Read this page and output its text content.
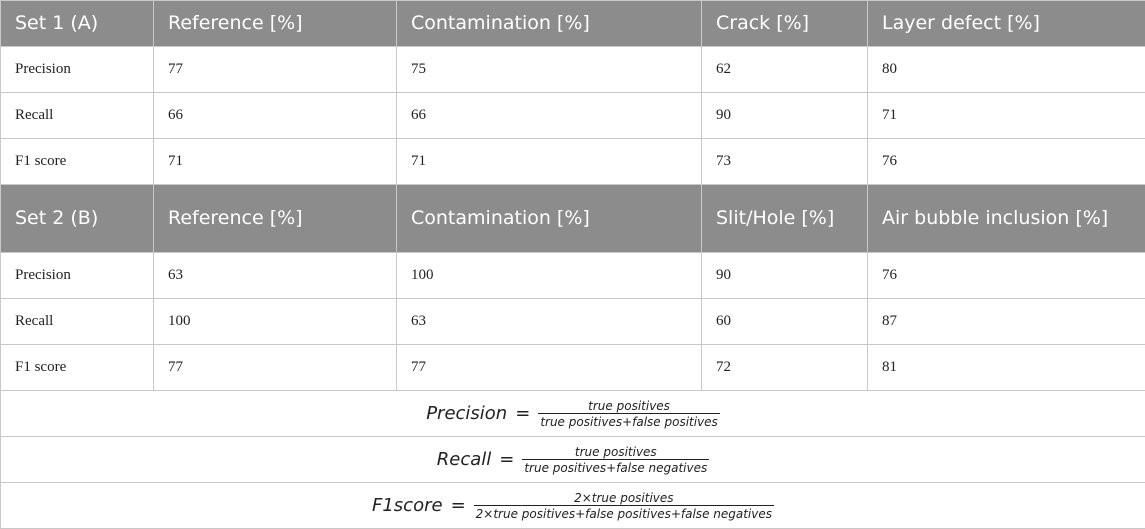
Set 1 (A)	Reference [%]	Contamination [%]	Crack [%]	Layer defect [%]
Precision	77	75	62	80
Recall	66	66	90	71
F1 score	71	71	73	76
Set 2 (B)	Reference [%]	Contamination [%]	Slit/Hole [%]	Air bubble inclusion [%]
Precision	63	100	90	76
Recall	100	63	60	87
F1 score	77	77	72	81

Precision = $\frac{\text{true positives}}{\text{true positives+false positives}}$

Recall = $\frac{\text{true positives}}{\text{true positives+false negatives}}$

F1score = $\frac{\text{2×true positives}}{\text{2×true positives+false positives+false negatives}}$
